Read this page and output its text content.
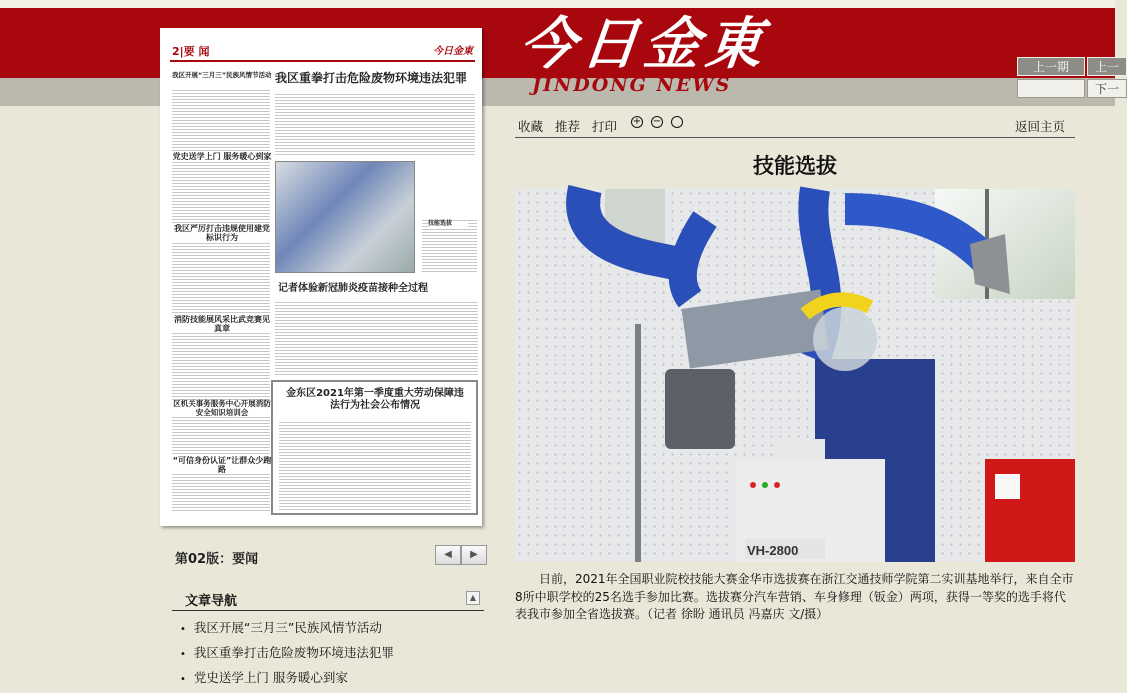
今日金東
JINDONG NEWS
上一期	上一
下一
2|要 闻	今日金東
我区开展“三月三”民族风情节活动
党史送学上门 服务暖心到家
我区严厉打击违规使用建党标识行为
消防技能展风采比武竞赛见真章
区机关事务服务中心开展消防安全知识培训会
“可信身份认证”让群众少跑路
我区重拳打击危险废物环境违法犯罪
技能选拔
记者体验新冠肺炎疫苗接种全过程
金东区2021年第一季度重大劳动保障违法行为社会公布情况
第02版：要闻	◀	▶
文章导航	▲
• 我区开展“三月三”民族风情节活动
• 我区重拳打击危险废物环境违法犯罪
• 党史送学上门 服务暖心到家
收藏 推荐 打印	+ −	返回主页
技能选拔
VH-2800
日前，2021年全国职业院校技能大赛金华市选拔赛在浙江交通技师学院第二实训基地举行，来自全市8所中职学校的25名选手参加比赛。选拔赛分汽车营销、车身修理（钣金）两项，获得一等奖的选手将代表我市参加全省选拔赛。（记者 徐盼 通讯员 冯嘉庆 文/摄）
